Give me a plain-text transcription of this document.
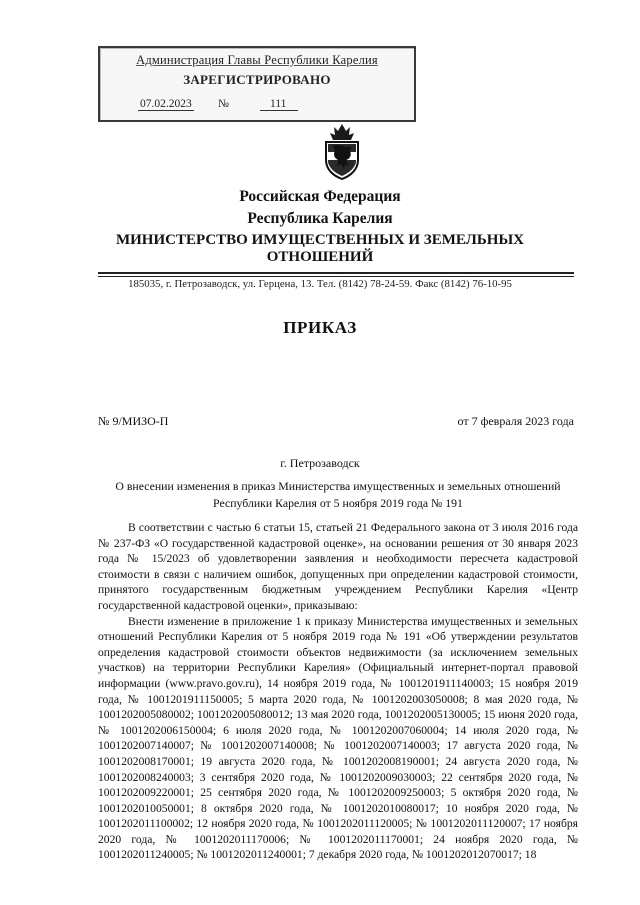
Администрация Главы Республики Карелия
ЗАРЕГИСТРИРОВАНО
07.02.2023 №	111
Российская Федерация
Республика Карелия
МИНИСТЕРСТВО ИМУЩЕСТВЕННЫХ И ЗЕМЕЛЬНЫХ
ОТНОШЕНИЙ
185035, г. Петрозаводск, ул. Герцена, 13. Тел. (8142) 78-24-59. Факс (8142) 76-10-95
ПРИКАЗ
№ 9/МИЗО-П	от 7 февраля 2023 года
г. Петрозаводск
О внесении изменения в приказ Министерства имущественных и земельных отношений Республики Карелия от 5 ноября 2019 года № 191

В соответствии с частью 6 статьи 15, статьей 21 Федерального закона от 3 июля 2016 года № 237-ФЗ «О государственной кадастровой оценке», на основании решения от 30 января 2023 года № 15/2023 об удовлетворении заявления и необходимости пересчета кадастровой стоимости в связи с наличием ошибок, допущенных при определении кадастровой стоимости, принятого государственным бюджетным учреждением Республики Карелия «Центр государственной кадастровой оценки», приказываю:

Внести изменение в приложение 1 к приказу Министерства имущественных и земельных отношений Республики Карелия от 5 ноября 2019 года № 191 «Об утверждении результатов определения кадастровой стоимости объектов недвижимости (за исключением земельных участков) на территории Республики Карелия» (Официальный интернет-портал правовой информации (www.pravo.gov.ru), 14 ноября 2019 года, № 1001201911140003; 15 ноября 2019 года, № 1001201911150005; 5 марта 2020 года, № 1001202003050008; 8 мая 2020 года, № 1001202005080002; 1001202005080012; 13 мая 2020 года, 1001202005130005; 15 июня 2020 года, № 1001202006150004; 6 июля 2020 года, № 1001202007060004; 14 июля 2020 года, № 1001202007140007; № 1001202007140008; № 1001202007140003; 17 августа 2020 года, № 1001202008170001; 19 августа 2020 года, № 1001202008190001; 24 августа 2020 года, № 1001202008240003; 3 сентября 2020 года, № 1001202009030003; 22 сентября 2020 года, № 1001202009220001; 25 сентября 2020 года, № 1001202009250003; 5 октября 2020 года, № 1001202010050001; 8 октября 2020 года, № 1001202010080017; 10 ноября 2020 года, № 1001202011100002; 12 ноября 2020 года, № 1001202011120005; № 1001202011120007; 17 ноября 2020 года, № 1001202011170006; № 1001202011170001; 24 ноября 2020 года, № 1001202011240005; № 1001202011240001; 7 декабря 2020 года, № 1001202012070017; 18
